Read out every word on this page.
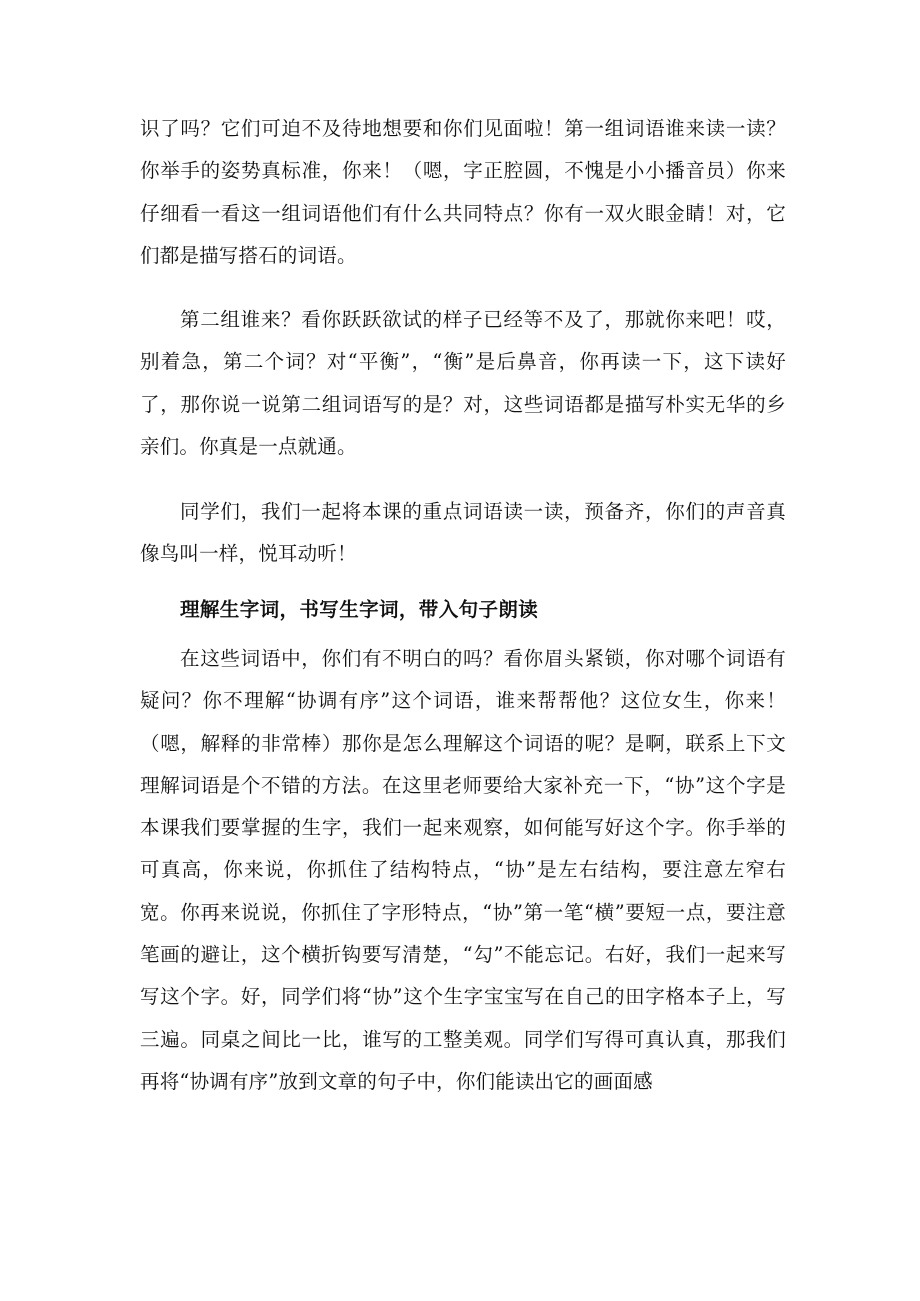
识了吗？它们可迫不及待地想要和你们见面啦！第一组词语谁来读一读？你举手的姿势真标准，你来！（嗯，字正腔圆，不愧是小小播音员）你来仔细看一看这一组词语他们有什么共同特点？你有一双火眼金睛！对，它们都是描写搭石的词语。

第二组谁来？看你跃跃欲试的样子已经等不及了，那就你来吧！哎，别着急，第二个词？对“平衡”，“衡”是后鼻音，你再读一下，这下读好了，那你说一说第二组词语写的是？对，这些词语都是描写朴实无华的乡亲们。你真是一点就通。

同学们，我们一起将本课的重点词语读一读，预备齐，你们的声音真像鸟叫一样，悦耳动听！

理解生字词，书写生字词，带入句子朗读

在这些词语中，你们有不明白的吗？看你眉头紧锁，你对哪个词语有疑问？你不理解“协调有序”这个词语，谁来帮帮他？这位女生，你来！（嗯，解释的非常棒）那你是怎么理解这个词语的呢？是啊，联系上下文理解词语是个不错的方法。在这里老师要给大家补充一下，“协”这个字是本课我们要掌握的生字，我们一起来观察，如何能写好这个字。你手举的可真高，你来说，你抓住了结构特点，“协”是左右结构，要注意左窄右宽。你再来说说，你抓住了字形特点，“协”第一笔“横”要短一点，要注意笔画的避让，这个横折钩要写清楚，“勾”不能忘记。右好，我们一起来写写这个字。好，同学们将“协”这个生字宝宝写在自己的田字格本子上，写三遍。同桌之间比一比，谁写的工整美观。同学们写得可真认真，那我们再将“协调有序”放到文章的句子中，你们能读出它的画面感
